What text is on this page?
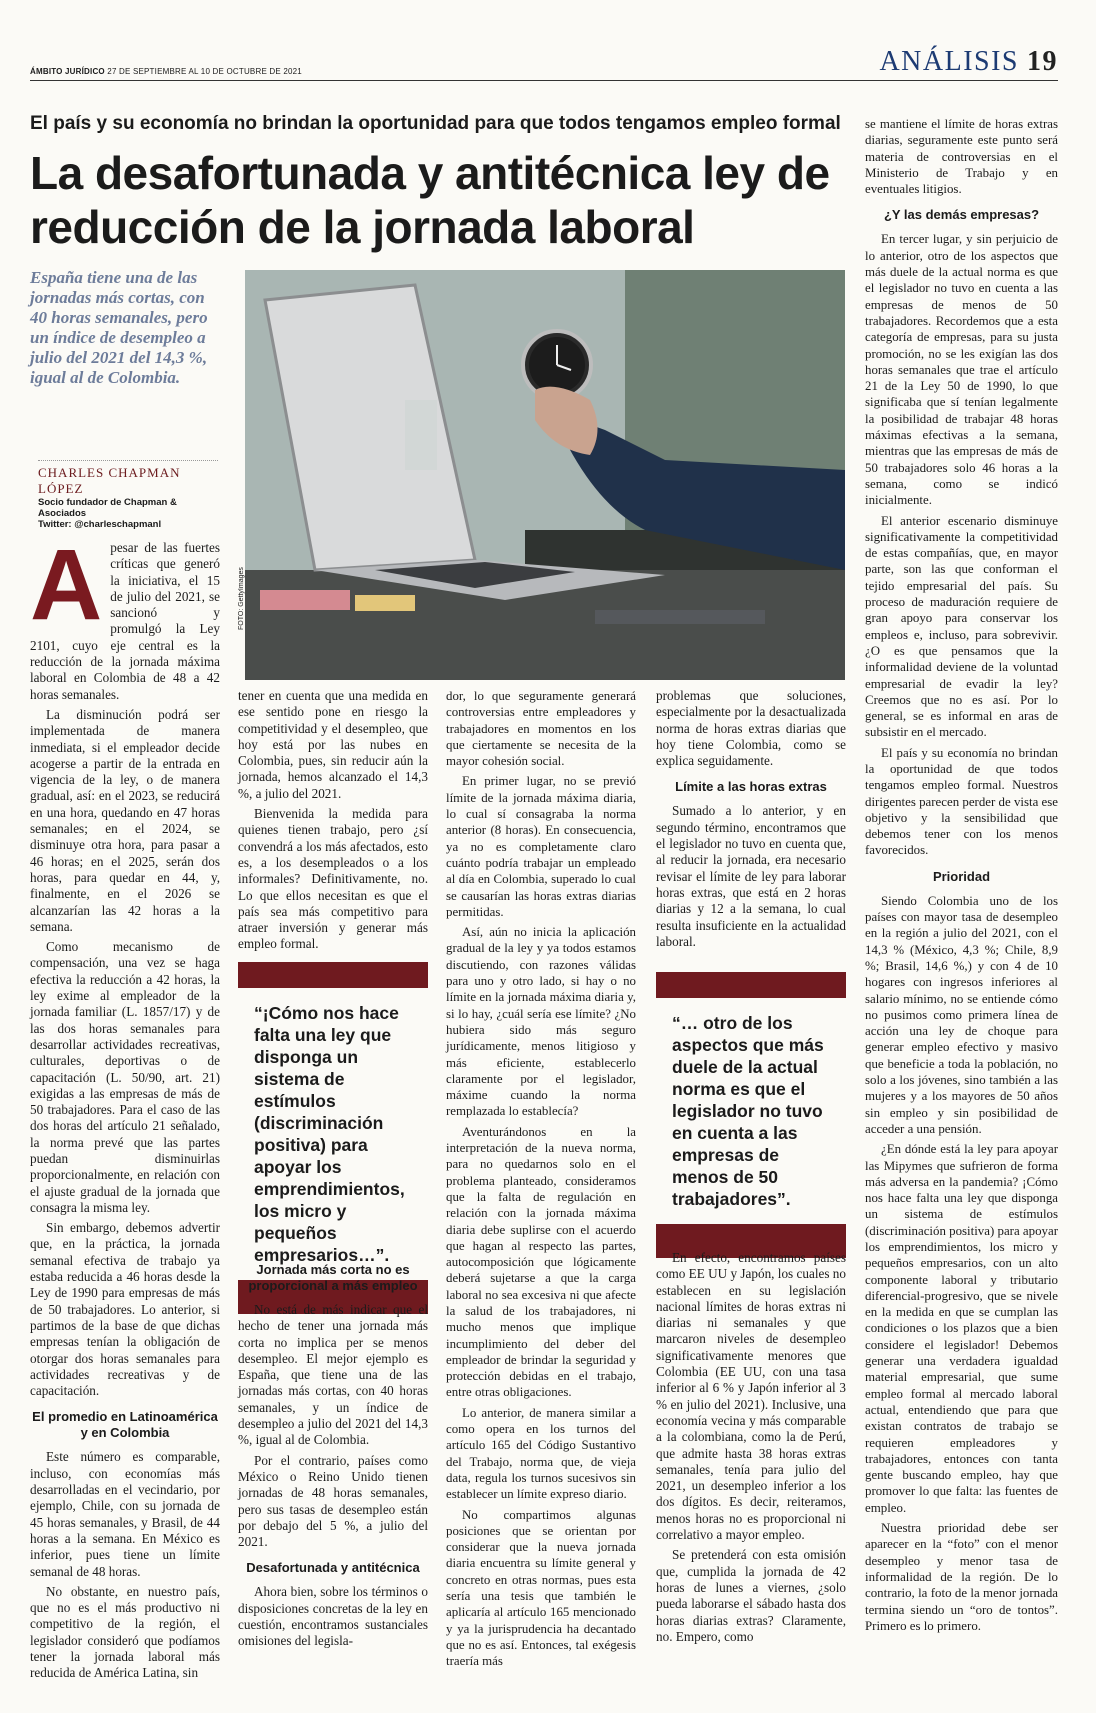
ÁMBITO JURÍDICO 27 DE SEPTIEMBRE AL 10 DE OCTUBRE DE 2021	ANÁLISIS 19
El país y su economía no brindan la oportunidad para que todos tengamos empleo formal
La desafortunada y antitécnica ley de reducción de la jornada laboral
España tiene una de las jornadas más cortas, con 40 horas semanales, pero un índice de desempleo a julio del 2021 del 14,3 %, igual al de Colombia.
CHARLES CHAPMAN LÓPEZ
Socio fundador de Chapman & Asociados
Twitter: @charleschapmanl
FOTO: GettyImages
A pesar de las fuertes críticas que generó la iniciativa, el 15 de julio del 2021, se sancionó y promulgó la Ley 2101, cuyo eje central es la reducción de la jornada máxima laboral en Colombia de 48 a 42 horas semanales.

La disminución podrá ser implementada de manera inmediata, si el empleador decide acogerse a partir de la entrada en vigencia de la ley, o de manera gradual, así: en el 2023, se reducirá en una hora, quedando en 47 horas semanales; en el 2024, se disminuye otra hora, para pasar a 46 horas; en el 2025, serán dos horas, para quedar en 44, y, finalmente, en el 2026 se alcanzarían las 42 horas a la semana.

Como mecanismo de compensación, una vez se haga efectiva la reducción a 42 horas, la ley exime al empleador de la jornada familiar (L. 1857/17) y de las dos horas semanales para desarrollar actividades recreativas, culturales, deportivas o de capacitación (L. 50/90, art. 21) exigidas a las empresas de más de 50 trabajadores. Para el caso de las dos horas del artículo 21 señalado, la norma prevé que las partes puedan disminuirlas proporcionalmente, en relación con el ajuste gradual de la jornada que consagra la misma ley.

Sin embargo, debemos advertir que, en la práctica, la jornada semanal efectiva de trabajo ya estaba reducida a 46 horas desde la Ley de 1990 para empresas de más de 50 trabajadores. Lo anterior, si partimos de la base de que dichas empresas tenían la obligación de otorgar dos horas semanales para actividades recreativas y de capacitación.

El promedio en Latinoamérica y en Colombia

Este número es comparable, incluso, con economías más desarrolladas en el vecindario, por ejemplo, Chile, con su jornada de 45 horas semanales, y Brasil, de 44 horas a la semana. En México es inferior, pues tiene un límite semanal de 48 horas.

No obstante, en nuestro país, que no es el más productivo ni competitivo de la región, el legislador consideró que podíamos tener la jornada laboral más reducida de América Latina, sin

tener en cuenta que una medida en ese sentido pone en riesgo la competitividad y el desempleo, que hoy está por las nubes en Colombia, pues, sin reducir aún la jornada, hemos alcanzado el 14,3 %, a julio del 2021.

Bienvenida la medida para quienes tienen trabajo, pero ¿sí convendrá a los más afectados, esto es, a los desempleados o a los informales? Definitivamente, no. Lo que ellos necesitan es que el país sea más competitivo para atraer inversión y generar más empleo formal.

“¡Cómo nos hace falta una ley que disponga un sistema de estímulos (discriminación positiva) para apoyar los emprendimientos, los micro y pequeños empresarios…”.
Jornada más corta no es proporcional a más empleo

No está de más indicar que el hecho de tener una jornada más corta no implica per se menos desempleo. El mejor ejemplo es España, que tiene una de las jornadas más cortas, con 40 horas semanales, y un índice de desempleo a julio del 2021 del 14,3 %, igual al de Colombia.

Por el contrario, países como México o Reino Unido tienen jornadas de 48 horas semanales, pero sus tasas de desempleo están por debajo del 5 %, a julio del 2021.

Desafortunada y antitécnica

Ahora bien, sobre los términos o disposiciones concretas de la ley en cuestión, encontramos sustanciales omisiones del legisla-

dor, lo que seguramente generará controversias entre empleadores y trabajadores en momentos en los que ciertamente se necesita de la mayor cohesión social.

En primer lugar, no se previó límite de la jornada máxima diaria, lo cual sí consagraba la norma anterior (8 horas). En consecuencia, ya no es completamente claro cuánto podría trabajar un empleado al día en Colombia, superado lo cual se causarían las horas extras diarias permitidas.

Así, aún no inicia la aplicación gradual de la ley y ya todos estamos discutiendo, con razones válidas para uno y otro lado, si hay o no límite en la jornada máxima diaria y, si lo hay, ¿cuál sería ese límite? ¿No hubiera sido más seguro jurídicamente, menos litigioso y más eficiente, establecerlo claramente por el legislador, máxime cuando la norma remplazada lo establecía?

Aventurándonos en la interpretación de la nueva norma, para no quedarnos solo en el problema planteado, consideramos que la falta de regulación en relación con la jornada máxima diaria debe suplirse con el acuerdo que hagan al respecto las partes, autocomposición que lógicamente deberá sujetarse a que la carga laboral no sea excesiva ni que afecte la salud de los trabajadores, ni mucho menos que implique incumplimiento del deber del empleador de brindar la seguridad y protección debidas en el trabajo, entre otras obligaciones.

Lo anterior, de manera similar a como opera en los turnos del artículo 165 del Código Sustantivo del Trabajo, norma que, de vieja data, regula los turnos sucesivos sin establecer un límite expreso diario.

No compartimos algunas posiciones que se orientan por considerar que la nueva jornada diaria encuentra su límite general y concreto en otras normas, pues esta sería una tesis que también le aplicaría al artículo 165 mencionado y ya la jurisprudencia ha decantado que no es así. Entonces, tal exégesis traería más

problemas que soluciones, especialmente por la desactualizada norma de horas extras diarias que hoy tiene Colombia, como se explica seguidamente.

Límite a las horas extras

Sumado a lo anterior, y en segundo término, encontramos que el legislador no tuvo en cuenta que, al reducir la jornada, era necesario revisar el límite de ley para laborar horas extras, que está en 2 horas diarias y 12 a la semana, lo cual resulta insuficiente en la actualidad laboral.

“… otro de los aspectos que más duele de la actual norma es que el legislador no tuvo en cuenta a las empresas de menos de 50 trabajadores”.

En efecto, encontramos países como EE UU y Japón, los cuales no establecen en su legislación nacional límites de horas extras ni diarias ni semanales y que marcaron niveles de desempleo significativamente menores que Colombia (EE UU, con una tasa inferior al 6 % y Japón inferior al 3 % en julio del 2021). Inclusive, una economía vecina y más comparable a la colombiana, como la de Perú, que admite hasta 38 horas extras semanales, tenía para julio del 2021, un desempleo inferior a los dos dígitos. Es decir, reiteramos, menos horas no es proporcional ni correlativo a mayor empleo.

Se pretenderá con esta omisión que, cumplida la jornada de 42 horas de lunes a viernes, ¿solo pueda laborarse el sábado hasta dos horas diarias extras? Claramente, no. Empero, como

se mantiene el límite de horas extras diarias, seguramente este punto será materia de controversias en el Ministerio de Trabajo y en eventuales litigios.

¿Y las demás empresas?

En tercer lugar, y sin perjuicio de lo anterior, otro de los aspectos que más duele de la actual norma es que el legislador no tuvo en cuenta a las empresas de menos de 50 trabajadores. Recordemos que a esta categoría de empresas, para su justa promoción, no se les exigían las dos horas semanales que trae el artículo 21 de la Ley 50 de 1990, lo que significaba que sí tenían legalmente la posibilidad de trabajar 48 horas máximas efectivas a la semana, mientras que las empresas de más de 50 trabajadores solo 46 horas a la semana, como se indicó inicialmente.

El anterior escenario disminuye significativamente la competitividad de estas compañías, que, en mayor parte, son las que conforman el tejido empresarial del país. Su proceso de maduración requiere de gran apoyo para conservar los empleos e, incluso, para sobrevivir. ¿O es que pensamos que la informalidad deviene de la voluntad empresarial de evadir la ley? Creemos que no es así. Por lo general, se es informal en aras de subsistir en el mercado.

El país y su economía no brindan la oportunidad de que todos tengamos empleo formal. Nuestros dirigentes parecen perder de vista ese objetivo y la sensibilidad que debemos tener con los menos favorecidos.

Prioridad

Siendo Colombia uno de los países con mayor tasa de desempleo en la región a julio del 2021, con el 14,3 % (México, 4,3 %; Chile, 8,9 %; Brasil, 14,6 %,) y con 4 de 10 hogares con ingresos inferiores al salario mínimo, no se entiende cómo no pusimos como primera línea de acción una ley de choque para generar empleo efectivo y masivo que beneficie a toda la población, no solo a los jóvenes, sino también a las mujeres y a los mayores de 50 años sin empleo y sin posibilidad de acceder a una pensión.

¿En dónde está la ley para apoyar las Mipymes que sufrieron de forma más adversa en la pandemia? ¡Cómo nos hace falta una ley que disponga un sistema de estímulos (discriminación positiva) para apoyar los emprendimientos, los micro y pequeños empresarios, con un alto componente laboral y tributario diferencial-progresivo, que se nivele en la medida en que se cumplan las condiciones o los plazos que a bien considere el legislador! Debemos generar una verdadera igualdad material empresarial, que sume empleo formal al mercado laboral actual, entendiendo que para que existan contratos de trabajo se requieren empleadores y trabajadores, entonces con tanta gente buscando empleo, hay que promover lo que falta: las fuentes de empleo.

Nuestra prioridad debe ser aparecer en la “foto” con el menor desempleo y menor tasa de informalidad de la región. De lo contrario, la foto de la menor jornada termina siendo un “oro de tontos”. Primero es lo primero.
